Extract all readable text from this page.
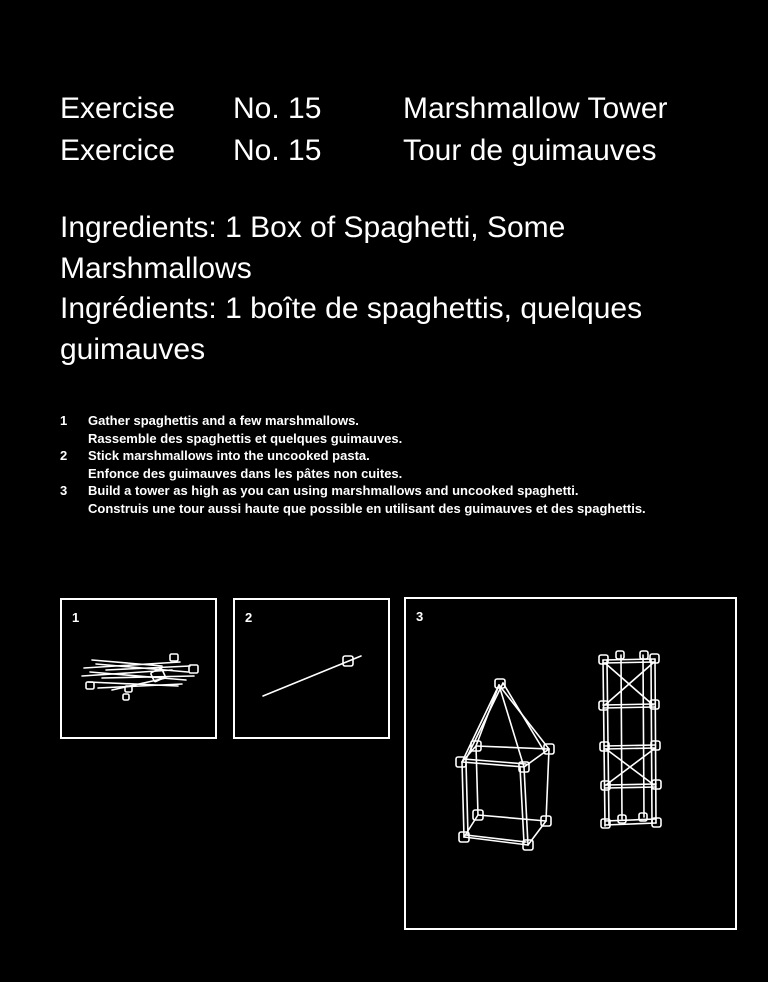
Exercise No. 15	Marshmallow Tower
Exercice No. 15	Tour de guimauves

Ingredients: 1 Box of Spaghetti, Some Marshmallows

Ingrédients: 1 boîte de spaghettis, quelques guimauves

1	Gather spaghettis and a few marshmallows.

Rassemble des spaghettis et quelques guimauves.

2	Stick marshmallows into the uncooked pasta.

Enfonce des guimauves dans les pâtes non cuites.

3	Build a tower as high as you can using marshmallows and uncooked spaghetti.

Construis une tour aussi haute que possible en utilisant des guimauves et des spaghettis.

1	2	3
